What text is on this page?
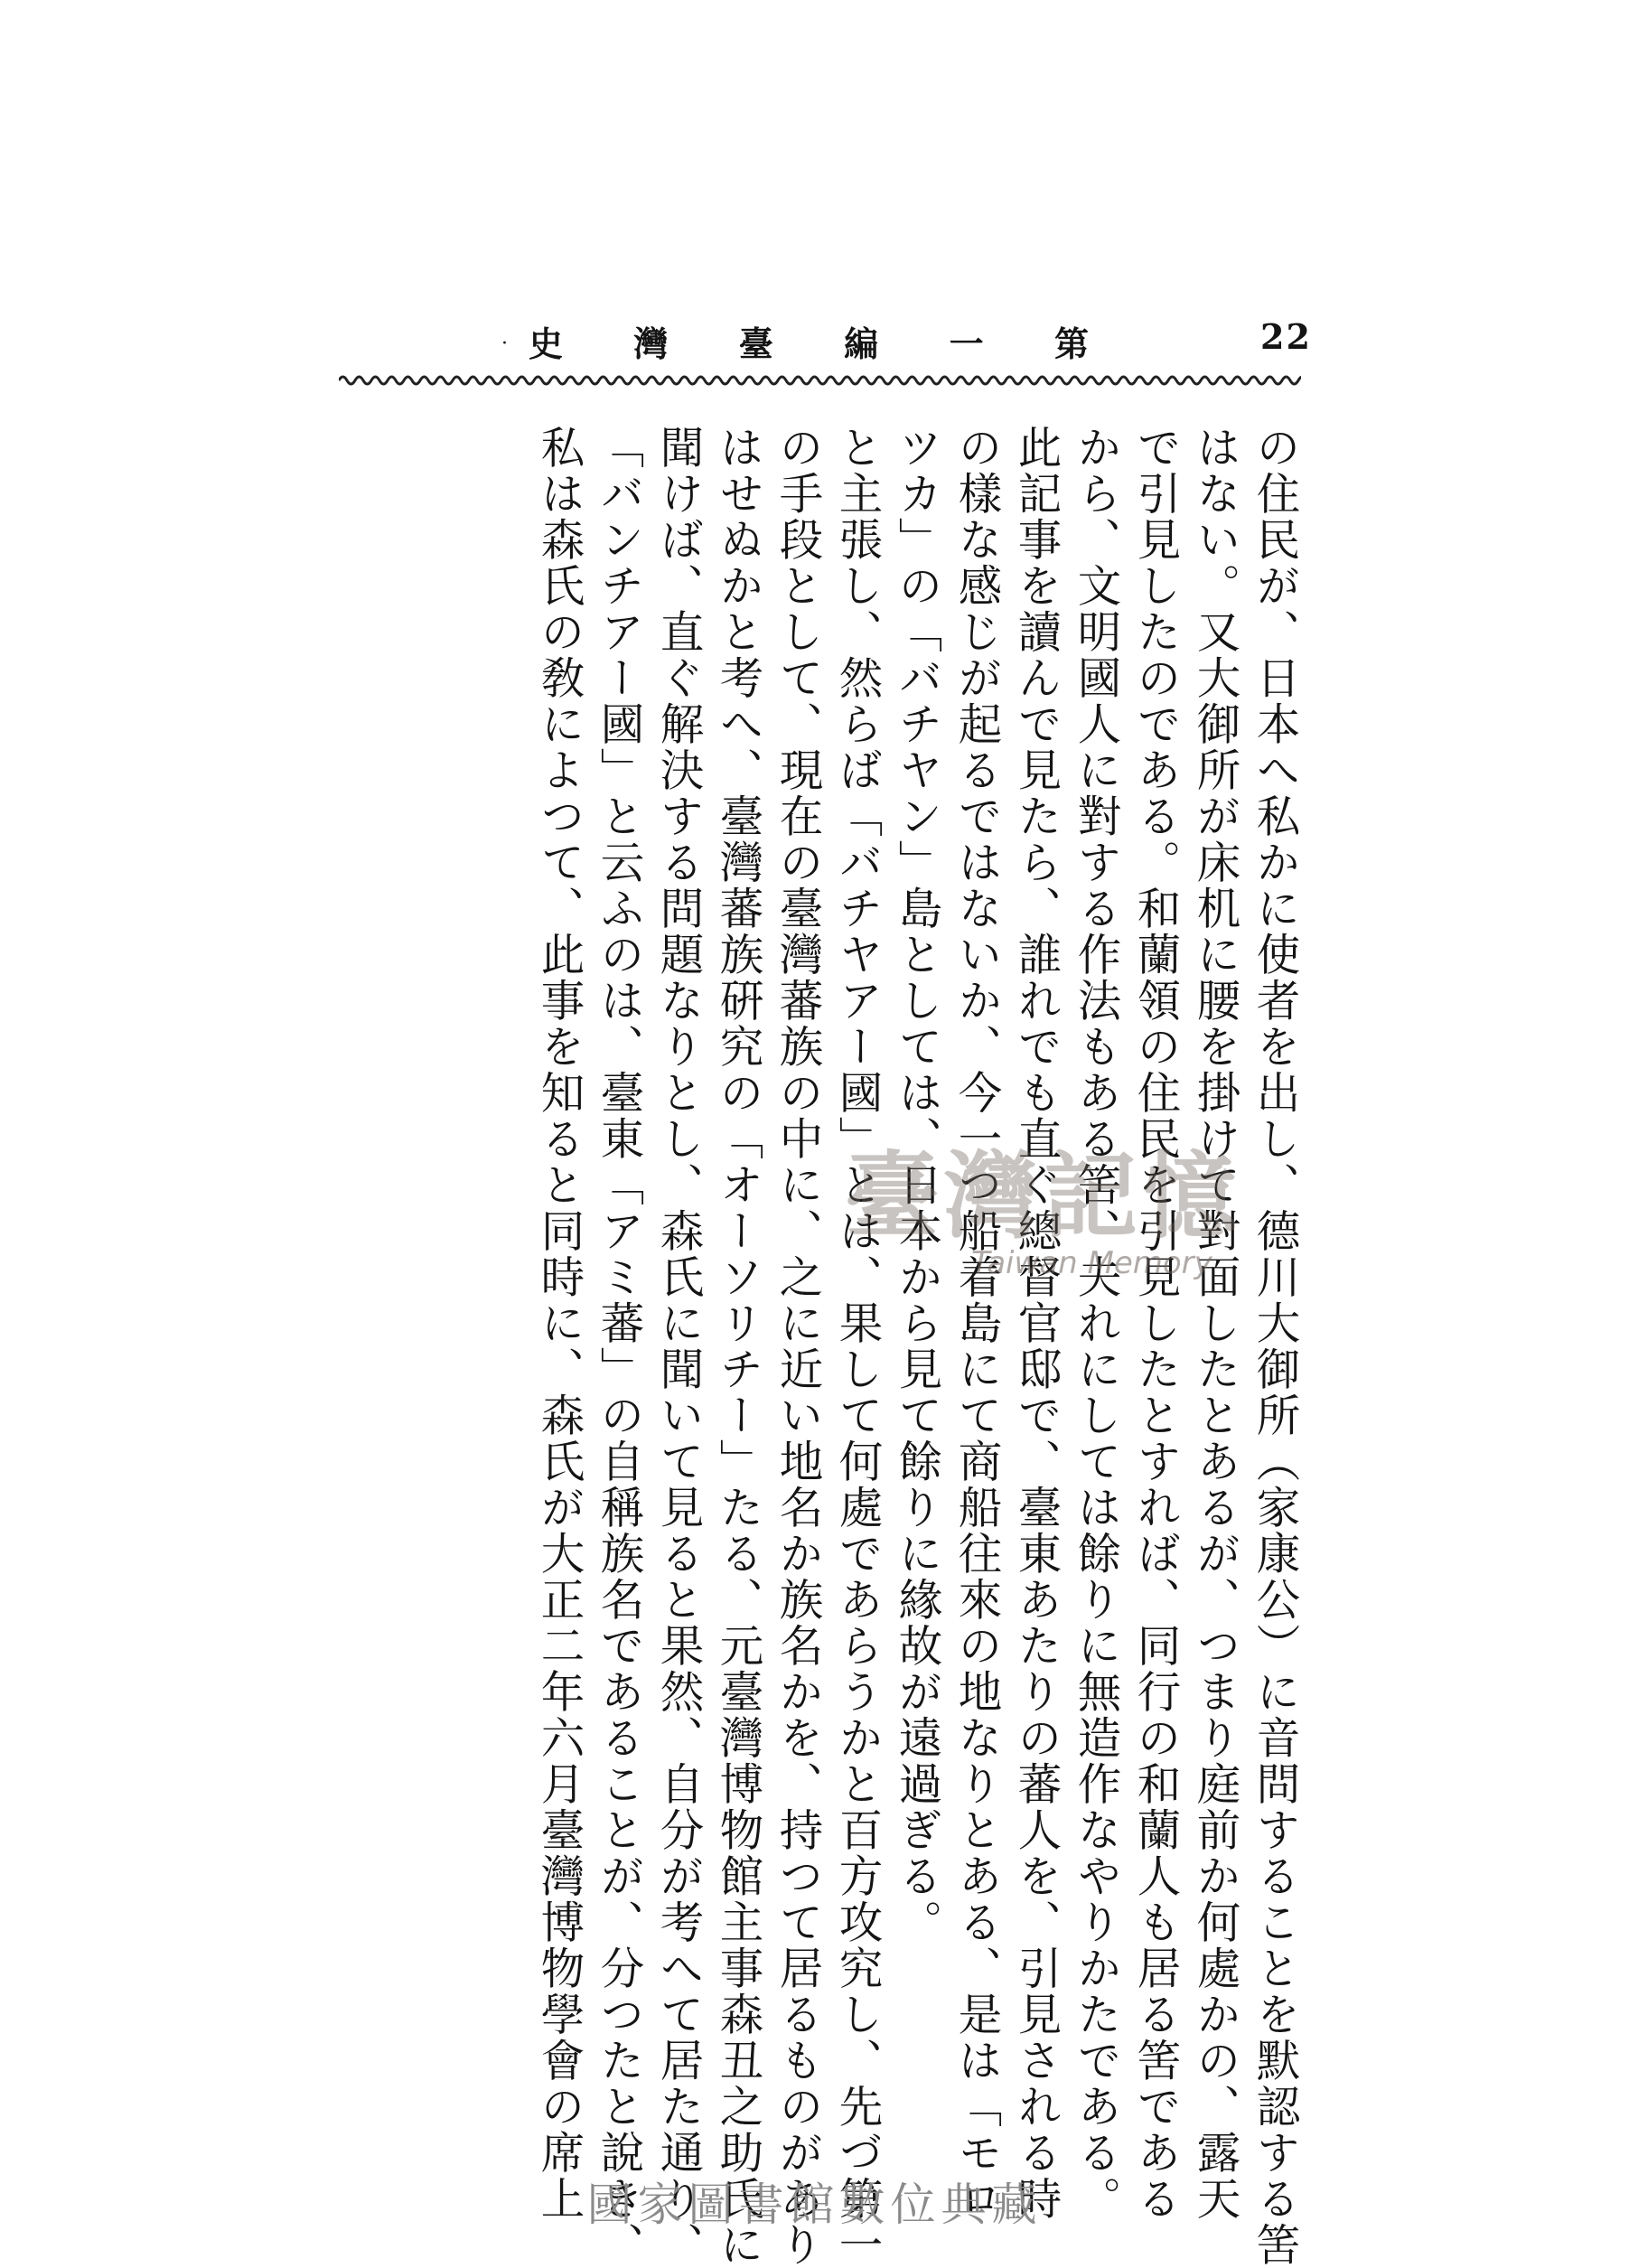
22
史 灣 臺 編 一 第
·
の住民が、日本へ私かに使者を出し、德川大御所（家康公）に音問することを默認する筈
はない。又大御所が床机に腰を掛けて對面したとあるが、つまり庭前か何處かの、露天
で引見したのである。和蘭領の住民を引見したとすれば、同行の和蘭人も居る筈である
から、文明國人に對する作法もある筈、夫れにしては餘りに無造作なやりかたである。
此記事を讀んで見たら、誰れでも直ぐ總督官邸で、臺東あたりの蕃人を、引見される時
の樣な感じが起るではないか、今一つ船着島にて商船往來の地なりとある、是は「モロ
ツカ」の「バチヤン」島としては、日本から見て餘りに緣故が遠過ぎる。
と主張し、然らば「バチヤアー國」とは、果して何處であらうかと百方攻究し、先づ第一
の手段として、現在の臺灣蕃族の中に、之に近い地名か族名かを、持つて居るものがあり
はせぬかと考へ、臺灣蕃族硏究の「オーソリチー」たる、元臺灣博物館主事森丑之助氏に
聞けば、直ぐ解決する問題なりとし、森氏に聞いて見ると果然、自分が考へて居た通り、
「バンチアー國」と云ふのは、臺東「アミ蕃」の自稱族名であることが、分つたと說き、
私は森氏の敎によつて、此事を知ると同時に、森氏が大正二年六月臺灣博物學會の席上	臺灣記憶
Taiwan Memory
國家圖書館數位典藏
